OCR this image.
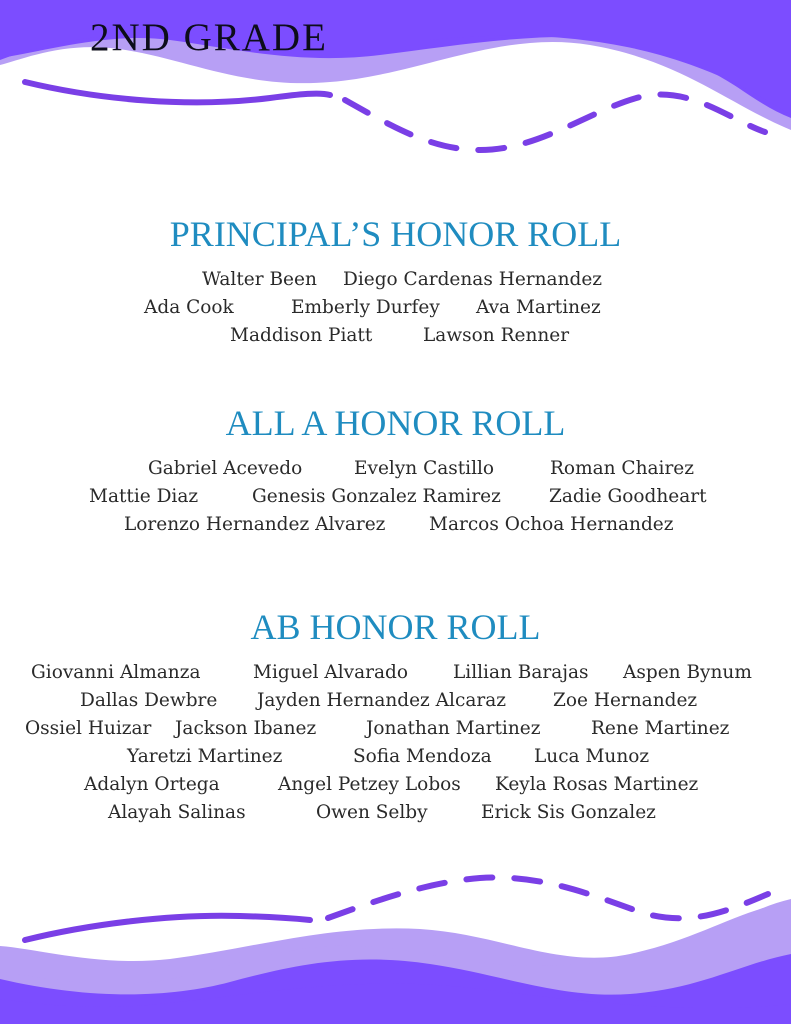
2ND GRADE
PRINCIPAL’S HONOR ROLL
Walter Been Diego Cardenas Hernandez
Ada Cook	Emberly Durfey Ava Martinez
Maddison Piatt	Lawson Renner
ALL A HONOR ROLL
Gabriel Acevedo	Evelyn Castillo	Roman Chairez
Mattie Diaz	Genesis Gonzalez Ramirez	Zadie Goodheart
Lorenzo Hernandez Alvarez Marcos Ochoa Hernandez
AB HONOR ROLL
Giovanni Almanza	Miguel Alvarado Lillian Barajas Aspen Bynum
Dallas Dewbre Jayden Hernandez Alcaraz	Zoe Hernandez
Ossiel Huizar Jackson Ibanez	Jonathan Martinez	Rene Martinez
Yaretzi Martinez	Sofia Mendoza Luca Munoz
Adalyn Ortega	Angel Petzey Lobos Keyla Rosas Martinez
Alayah Salinas	Owen Selby	Erick Sis Gonzalez
